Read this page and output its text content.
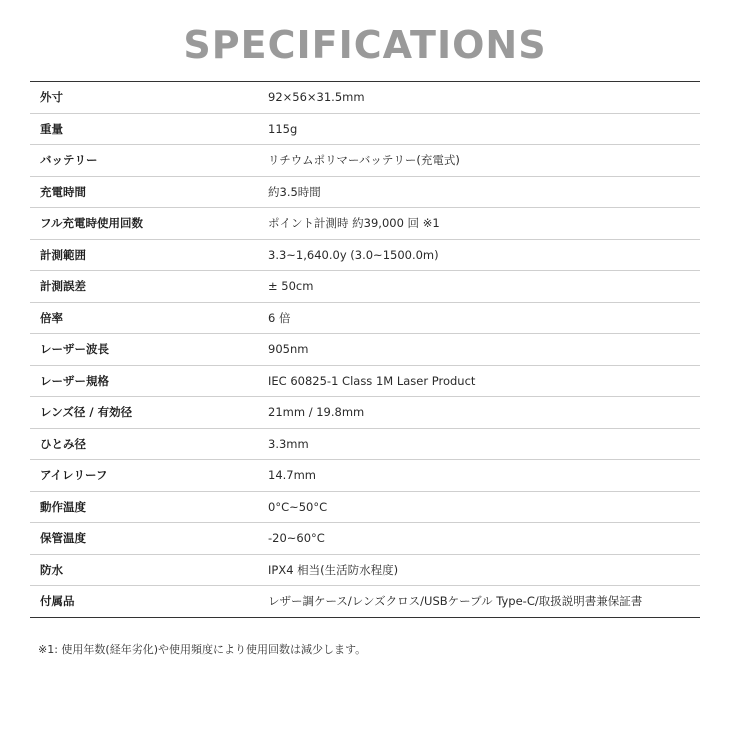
SPECIFICATIONS
外寸	92×56×31.5mm
重量	115g
バッテリー	リチウムポリマーバッテリー(充電式)
充電時間	約3.5時間
フル充電時使用回数	ポイント計測時 約39,000 回 ※1
計測範囲	3.3~1,640.0y (3.0~1500.0m)
計測誤差	± 50cm
倍率	6 倍
レーザー波長	905nm
レーザー規格	IEC 60825-1 Class 1M Laser Product
レンズ径 / 有効径	21mm / 19.8mm
ひとみ径	3.3mm
アイレリーフ	14.7mm
動作温度	0°C~50°C
保管温度	-20~60°C
防水	IPX4 相当(生活防水程度)
付属品	レザー調ケース/レンズクロス/USBケーブル Type-C/取扱説明書兼保証書
※1: 使用年数(経年劣化)や使用頻度により使用回数は減少します。
